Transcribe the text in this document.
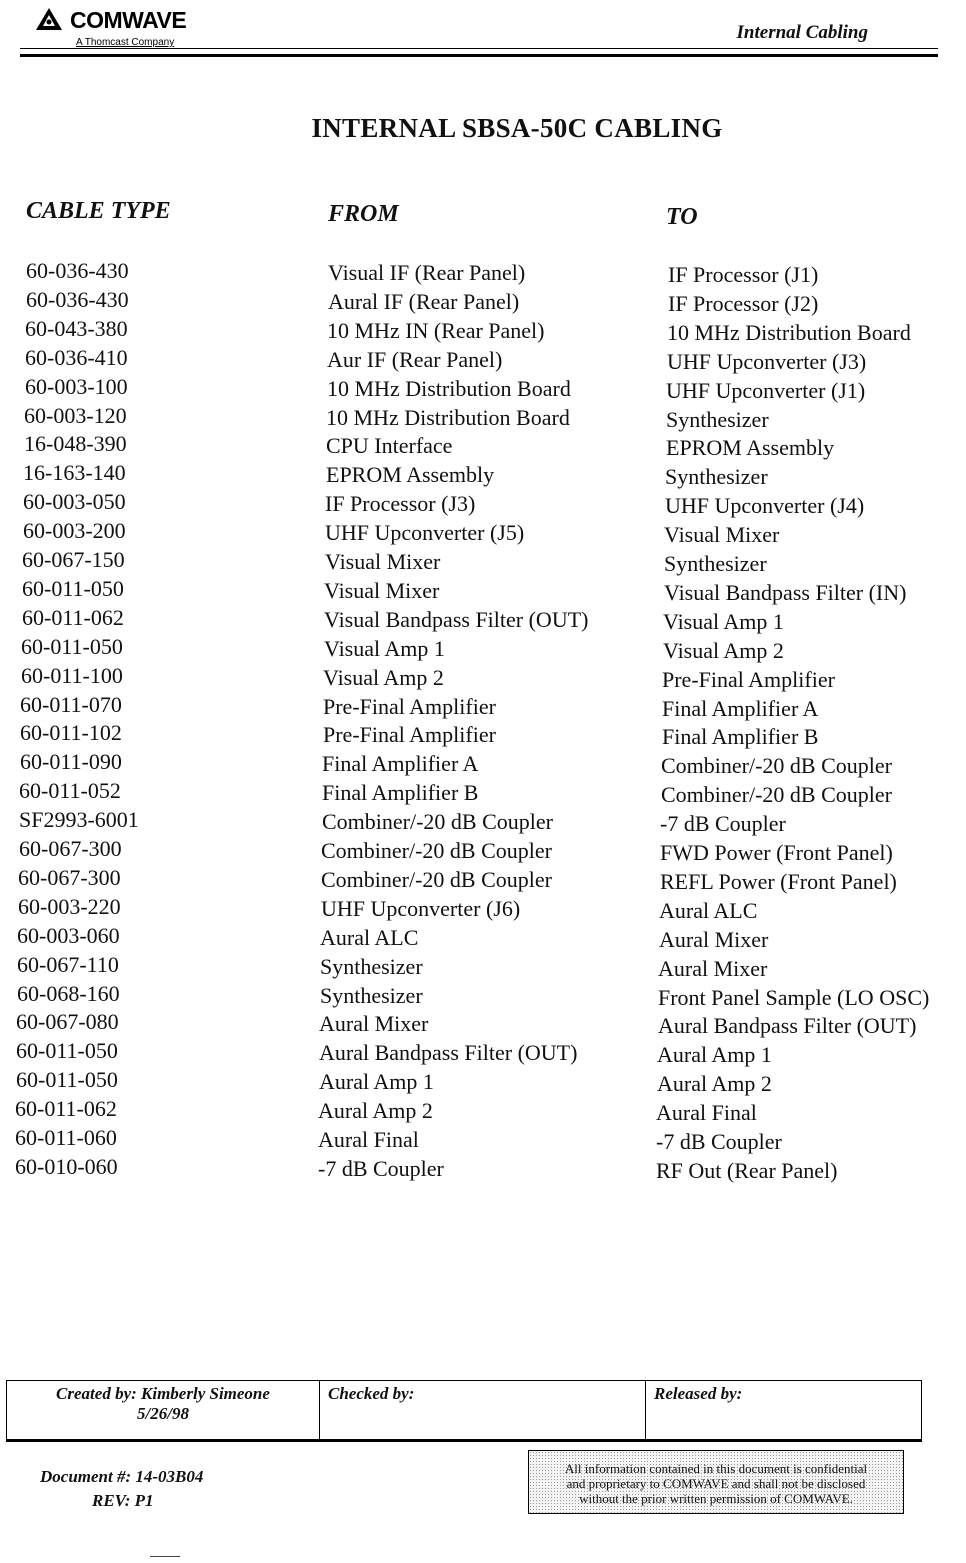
COMWAVE
A Thomcast Company	Internal Cabling
INTERNAL SBSA-50C CABLING
CABLE TYPE	FROM	TO
60-036-430	Visual IF (Rear Panel)	IF Processor (J1)
60-036-430	Aural IF (Rear Panel)	IF Processor (J2)
60-043-380	10 MHz IN (Rear Panel)	10 MHz Distribution Board
60-036-410	Aur IF (Rear Panel)	UHF Upconverter (J3)
60-003-100	10 MHz Distribution Board	UHF Upconverter (J1)
60-003-120	10 MHz Distribution Board	Synthesizer
16-048-390	CPU Interface	EPROM Assembly
16-163-140	EPROM Assembly	Synthesizer
60-003-050	IF Processor (J3)	UHF Upconverter (J4)
60-003-200	UHF Upconverter (J5)	Visual Mixer
60-067-150	Visual Mixer	Synthesizer
60-011-050	Visual Mixer	Visual Bandpass Filter (IN)
60-011-062	Visual Bandpass Filter (OUT)	Visual Amp 1
60-011-050	Visual Amp 1	Visual Amp 2
60-011-100	Visual Amp 2	Pre-Final Amplifier
60-011-070	Pre-Final Amplifier	Final Amplifier A
60-011-102	Pre-Final Amplifier	Final Amplifier B
60-011-090	Final Amplifier A	Combiner/-20 dB Coupler
60-011-052	Final Amplifier B	Combiner/-20 dB Coupler
SF2993-6001	Combiner/-20 dB Coupler	-7 dB Coupler
60-067-300	Combiner/-20 dB Coupler	FWD Power (Front Panel)
60-067-300	Combiner/-20 dB Coupler	REFL Power (Front Panel)
60-003-220	UHF Upconverter (J6)	Aural ALC
60-003-060	Aural ALC	Aural Mixer
60-067-110	Synthesizer	Aural Mixer
60-068-160	Synthesizer	Front Panel Sample (LO OSC)
60-067-080	Aural Mixer	Aural Bandpass Filter (OUT)
60-011-050	Aural Bandpass Filter (OUT)	Aural Amp 1
60-011-050	Aural Amp 1	Aural Amp 2
60-011-062	Aural Amp 2	Aural Final
60-011-060	Aural Final	-7 dB Coupler
60-010-060	-7 dB Coupler	RF Out (Rear Panel)
Created by: Kimberly Simeone
5/26/98
Checked by:	Released by:
Document #: 14-03B04
REV: P1
All information contained in this document is confidential
and proprietary to COMWAVE and shall not be disclosed
without the prior written permission of COMWAVE.
